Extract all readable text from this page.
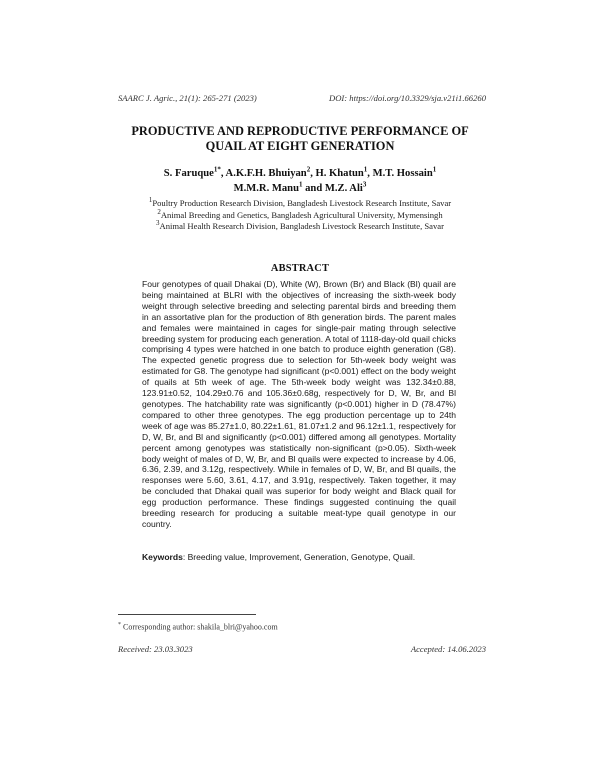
SAARC J. Agric., 21(1): 265-271 (2023)	DOI: https://doi.org/10.3329/sja.v21i1.66260
PRODUCTIVE AND REPRODUCTIVE PERFORMANCE OF
QUAIL AT EIGHT GENERATION
S. Faruque$^{1*}$, A.K.F.H. Bhuiyan$^2$, H. Khatun$^1$, M.T. Hossain$^1$
M.M.R. Manu$^1$ and M.Z. Ali$^3$
$^1$Poultry Production Research Division, Bangladesh Livestock Research Institute, Savar
$^2$Animal Breeding and Genetics, Bangladesh Agricultural University, Mymensingh
$^3$Animal Health Research Division, Bangladesh Livestock Research Institute, Savar
ABSTRACT
Four genotypes of quail Dhakai (D), White (W), Brown (Br) and Black (Bl) quail are being maintained at BLRI with the objectives of increasing the sixth-week body weight through selective breeding and selecting parental birds and breeding them in an assortative plan for the production of 8th generation birds. The parent males and females were maintained in cages for single-pair mating through selective breeding system for producing each generation. A total of 1118-day-old quail chicks comprising 4 types were hatched in one batch to produce eighth generation (G8). The expected genetic progress due to selection for 5th-week body weight was estimated for G8. The genotype had significant (p<0.001) effect on the body weight of quails at 5th week of age. The 5th-week body weight was 132.34±0.88, 123.91±0.52, 104.29±0.76 and 105.36±0.68g, respectively for D, W, Br, and Bl genotypes. The hatchability rate was significantly (p<0.001) higher in D (78.47%) compared to other three genotypes. The egg production percentage up to 24th week of age was 85.27±1.0, 80.22±1.61, 81.07±1.2 and 96.12±1.1, respectively for D, W, Br, and Bl and significantly (p<0.001) differed among all genotypes. Mortality percent among genotypes was statistically non-significant (p>0.05). Sixth-week body weight of males of D, W, Br, and Bl quails were expected to increase by 4.06, 6.36, 2.39, and 3.12g, respectively. While in females of D, W, Br, and Bl quails, the responses were 5.60, 3.61, 4.17, and 3.91g, respectively. Taken together, it may be concluded that Dhakai quail was superior for body weight and Black quail for egg production performance. These findings suggested continuing the quail breeding research for producing a suitable meat-type quail genotype in our country.
Keywords: Breeding value, Improvement, Generation, Genotype, Quail.
* Corresponding author: shakila_blri@yahoo.com
Received: 23.03.3023	Accepted: 14.06.2023
